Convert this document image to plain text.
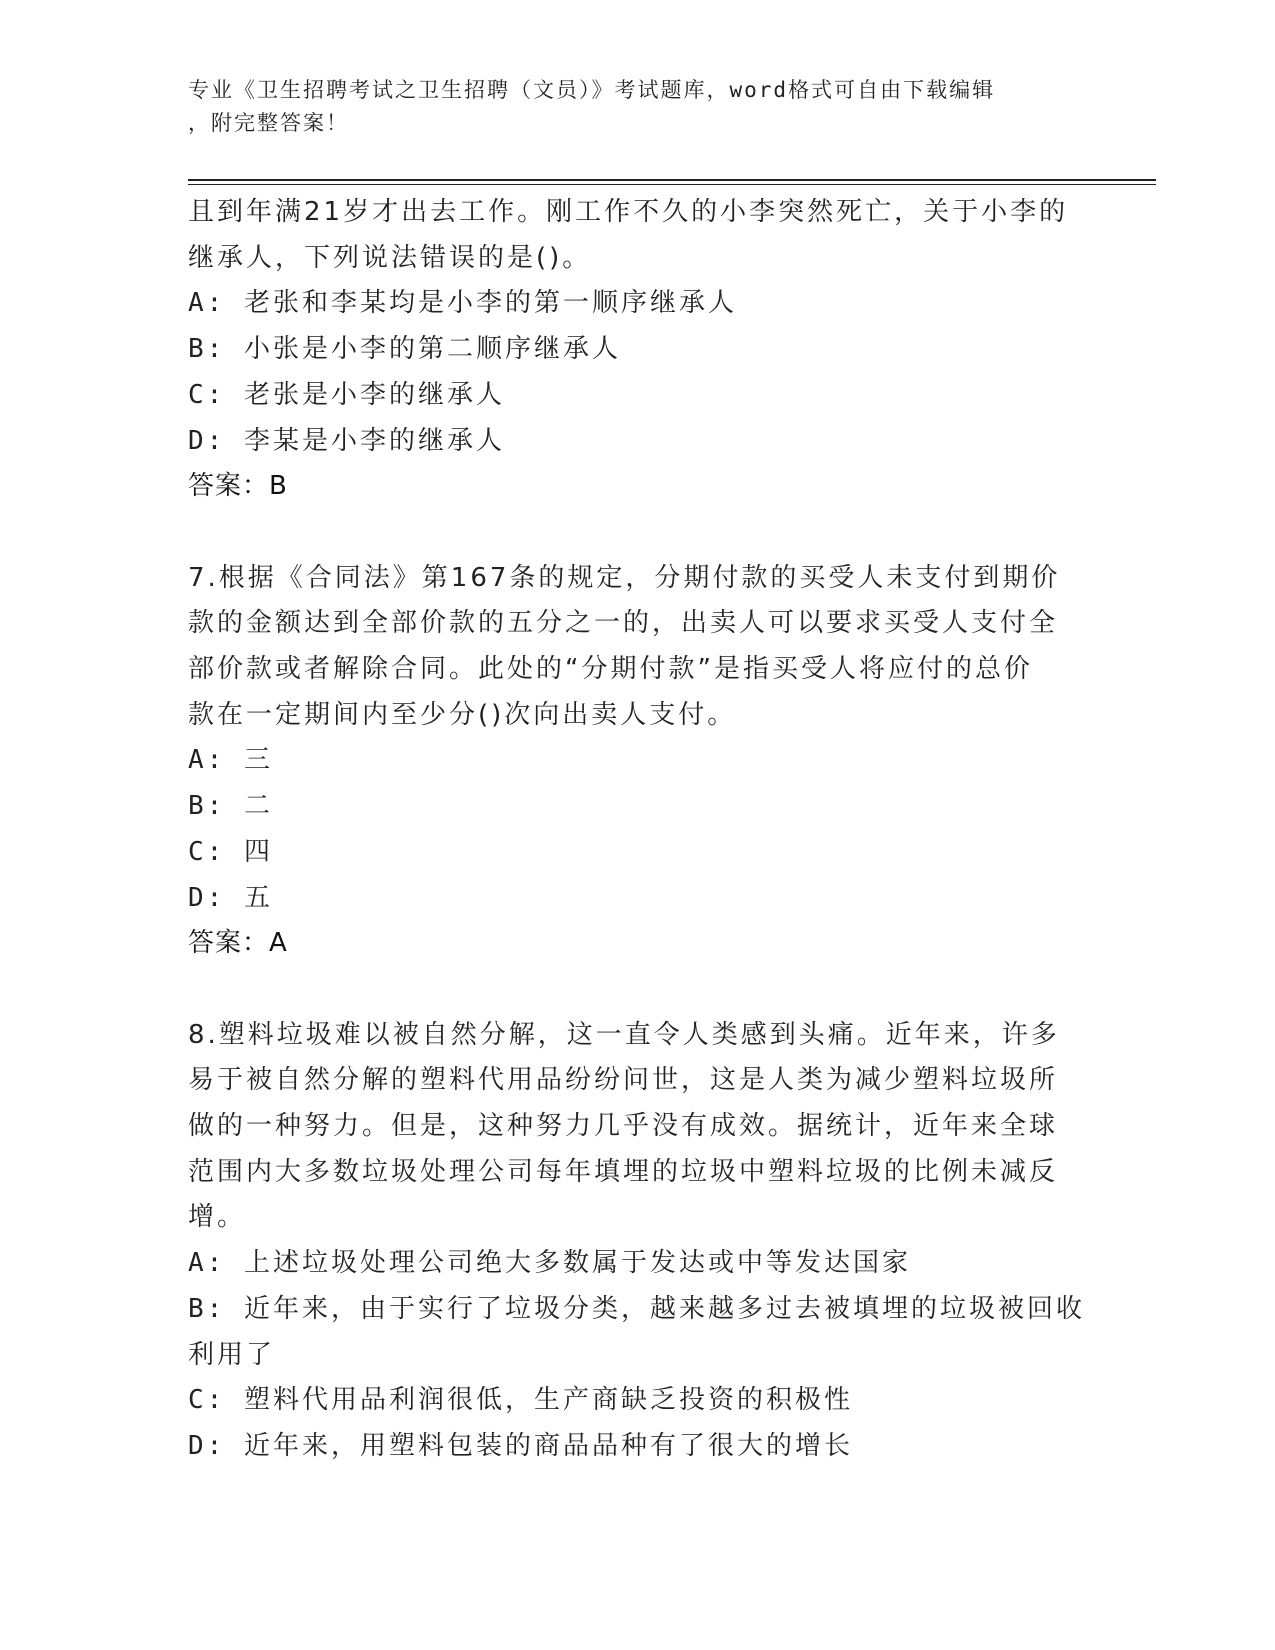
专业《卫生招聘考试之卫生招聘（文员）》考试题库，word格式可自由下载编辑
，附完整答案！
且到年满21岁才出去工作。刚工作不久的小李突然死亡，关于小李的
继承人，下列说法错误的是()。
A: 老张和李某均是小李的第一顺序继承人
B: 小张是小李的第二顺序继承人
C: 老张是小李的继承人
D: 李某是小李的继承人
答案：B
7.根据《合同法》第167条的规定，分期付款的买受人未支付到期价
款的金额达到全部价款的五分之一的，出卖人可以要求买受人支付全
部价款或者解除合同。此处的“分期付款”是指买受人将应付的总价
款在一定期间内至少分()次向出卖人支付。
A: 三
B: 二
C: 四
D: 五
答案：A
8.塑料垃圾难以被自然分解，这一直令人类感到头痛。近年来，许多
易于被自然分解的塑料代用品纷纷问世，这是人类为减少塑料垃圾所
做的一种努力。但是，这种努力几乎没有成效。据统计，近年来全球
范围内大多数垃圾处理公司每年填埋的垃圾中塑料垃圾的比例未减反
增。
A: 上述垃圾处理公司绝大多数属于发达或中等发达国家
B: 近年来，由于实行了垃圾分类，越来越多过去被填埋的垃圾被回收
利用了
C: 塑料代用品利润很低，生产商缺乏投资的积极性
D: 近年来，用塑料包装的商品品种有了很大的增长
